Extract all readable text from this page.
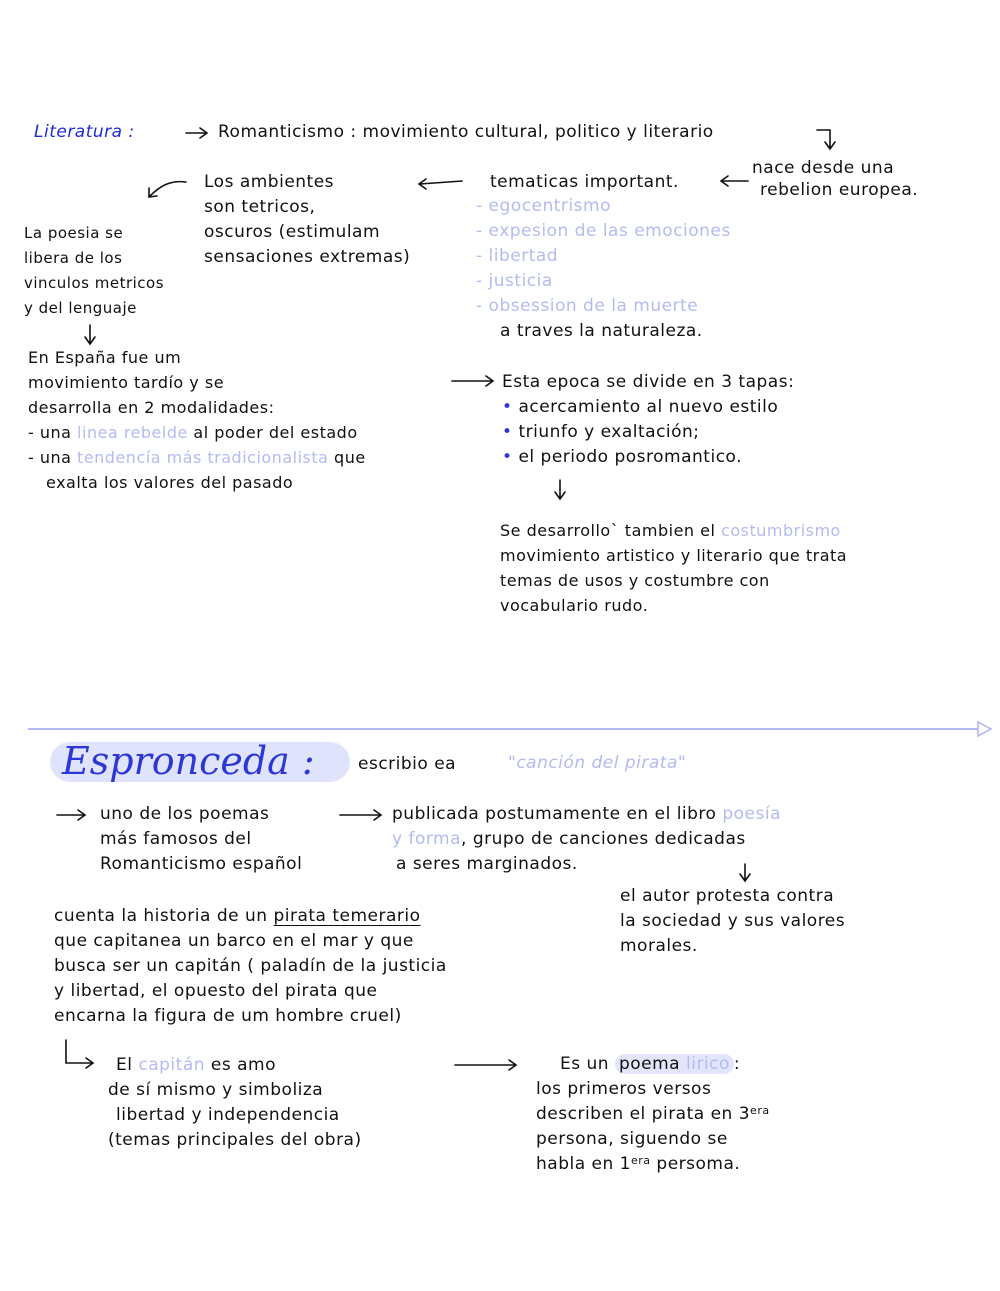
Literatura :	Romanticismo : movimiento cultural, politico y literario
nace desde una
rebelion europea.
tematicas important.
- egocentrismo
- expesion de las emociones
- libertad
- justicia
- obsession de la muerte
a traves la naturaleza.
Los ambientes
son tetricos,
oscuros (estimulam
sensaciones extremas)
La poesia se
libera de los
vinculos metricos
y del lenguaje
En España fue um
movimiento tardío y se
desarrolla en 2 modalidades:
- una linea rebelde al poder del estado
- una tendencía más tradicionalista que
exalta los valores del pasado
Esta epoca se divide en 3 tapas:
• acercamiento al nuevo estilo
• triunfo y exaltación;
• el periodo posromantico.
Se desarrollo` tambien el costumbrismo
movimiento artistico y literario que trata
temas de usos y costumbre con
vocabulario rudo.
Espronceda :	escribio ea	"canción del pirata"
uno de los poemas
más famosos del
Romanticismo español
publicada postumamente en el libro poesía
y forma, grupo de canciones dedicadas
a seres marginados.
el autor protesta contra
la sociedad y sus valores
morales.
cuenta la historia de un pirata temerario
que capitanea un barco en el mar y que
busca ser un capitán ( paladín de la justicia
y libertad, el opuesto del pirata que
encarna la figura de um hombre cruel)
El capitán es amo
de sí mismo y simboliza
libertad y independencia
(temas principales del obra)
Es un poema lirico :
los primeros versos
describen el pirata en $3^{era}$
persona, siguendo se
habla en $1^{era}$ persoma.
